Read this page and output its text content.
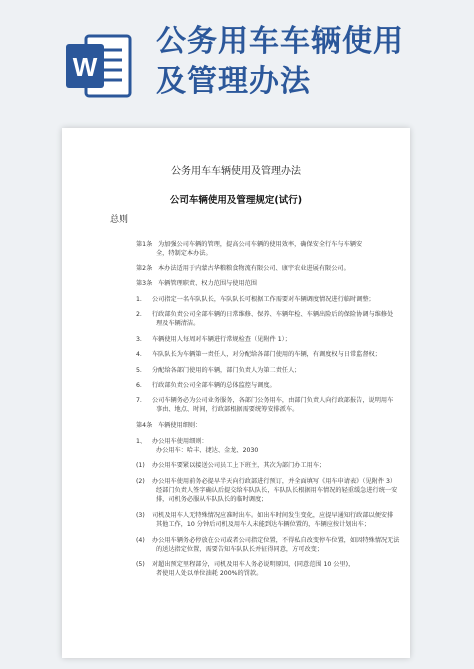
W
公务用车车辆使用
及管理办法
公务用车车辆使用及管理办法
公司车辆使用及管理规定(试行)
总则
第1条 为加强公司车辆的管理，提高公司车辆的使用效率，确保安全行车与车辆安
全，特制定本办法。
第2条 本办法适用于内蒙古华粮粮食物流有限公司、康宇农业进展有限公司。
第3条 车辆管理职责、权力范围与使用范围
1. 公司指定一名车队队长，车队队长可根据工作需要对车辆调度情况进行临时调整；
2. 行政部负责公司全部车辆的日常维修、保养、车辆年检、车辆出险后的保险协调与维修处
理及车辆清洁。
3. 车辆使用人每周对车辆进行常规检查（见附件 1）；
4. 车队队长为车辆第一责任人，对分配给各部门使用的车辆，有调度权与日常监督权；
5. 分配给各部门使用的车辆，部门负责人为第二责任人；
6. 行政部负责公司全部车辆的总体监控与调度。
7. 公司车辆务必为公司业务服务，各部门公务用车，由部门负责人向行政部报告，说明用车
事由、地点、时间，行政部根据需要统筹安排派车。
第4条 车辆使用细则：
1、 办公用车使用细则：
办公用车：哈丰、捷达、金龙、2030
(1) 办公用车要紧以接送公司员工上下班主，其次为部门办工用车；
(2) 办公用车使用前务必提早半天向行政部进行预订，并全面填写《用车申请表》（见附件 3）
经部门负责人签字确认后提交给车队队长，车队队长根据用车情况的轻重缓急进行统一安
排，司机务必服从车队队长的临时调度；
(3) 司机及用车人无特殊情况应准时出车。如出车时间发生变化，应提早通知行政部以便安排
其他工作，10 分钟后司机及用车人未能到达车辆位置的，车辆应按计划出车；
(4) 办公用车辆务必停放在公司或者公司指定位置，不得私自改变停车位置，如因特殊情况无法
的送达指定位置，需要告知车队队长并征得同意，方可改变；
(5) 对超出预定里程部分，司机及用车人务必说明原因，(同意范围 10 公里)，
者使用人处以单位油耗 200%的罚款。
